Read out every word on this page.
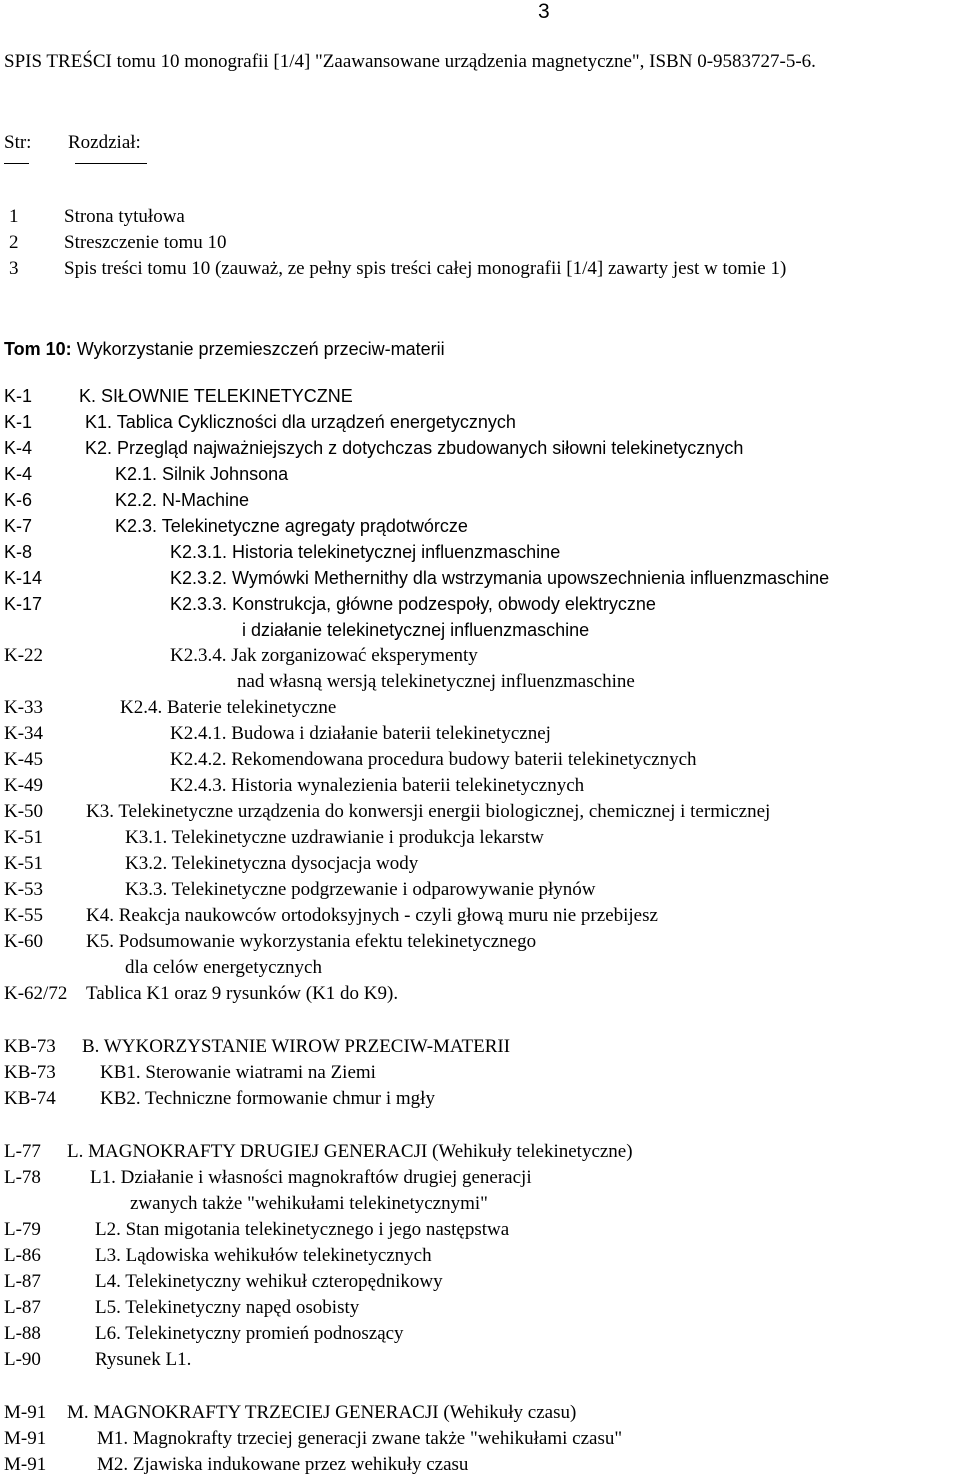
3
SPIS TREŚCI tomu 10 monografii [1/4] "Zaawansowane urządzenia magnetyczne", ISBN 0-9583727-5-6.
Str: Rozdział:
1 Strona tytułowa
2 Streszczenie tomu 10
3 Spis treści tomu 10 (zauważ, ze pełny spis treści całej monografii [1/4] zawarty jest w tomie 1)
Tom 10: Wykorzystanie przemieszczeń przeciw-materii
K-1	K. SIŁOWNIE TELEKINETYCZNE
K-1	K1. Tablica Cykliczności dla urządzeń energetycznych
K-4	K2. Przegląd najważniejszych z dotychczas zbudowanych siłowni telekinetycznych
K-4	K2.1. Silnik Johnsona
K-6	K2.2. N-Machine
K-7	K2.3. Telekinetyczne agregaty prądotwórcze
K-8	K2.3.1. Historia telekinetycznej influenzmaschine
K-14	K2.3.2. Wymówki Methernithy dla wstrzymania upowszechnienia influenzmaschine
K-17	K2.3.3. Konstrukcja, główne podzespoły, obwody elektryczne
i działanie telekinetycznej influenzmaschine
K-22	K2.3.4. Jak zorganizować eksperymenty
nad własną wersją telekinetycznej influenzmaschine
K-33	K2.4. Baterie telekinetyczne
K-34	K2.4.1. Budowa i działanie baterii telekinetycznej
K-45	K2.4.2. Rekomendowana procedura budowy baterii telekinetycznych
K-49	K2.4.3. Historia wynalezienia baterii telekinetycznych
K-50 K3. Telekinetyczne urządzenia do konwersji energii biologicznej, chemicznej i termicznej
K-51	K3.1. Telekinetyczne uzdrawianie i produkcja lekarstw
K-51	K3.2. Telekinetyczna dysocjacja wody
K-53	K3.3. Telekinetyczne podgrzewanie i odparowywanie płynów
K-55 K4. Reakcja naukowców ortodoksyjnych - czyli głową muru nie przebijesz
K-60 K5. Podsumowanie wykorzystania efektu telekinetycznego
dla celów energetycznych
K-62/72 Tablica K1 oraz 9 rysunków (K1 do K9).
KB-73 B. WYKORZYSTANIE WIROW PRZECIW-MATERII
KB-73 KB1. Sterowanie wiatrami na Ziemi
KB-74 KB2. Techniczne formowanie chmur i mgły
L-77 L. MAGNOKRAFTY DRUGIEJ GENERACJI (Wehikuły telekinetyczne)
L-78	L1. Działanie i własności magnokraftów drugiej generacji
zwanych także "wehikułami telekinetycznymi"
L-79	L2. Stan migotania telekinetycznego i jego następstwa
L-86	L3. Lądowiska wehikułów telekinetycznych
L-87	L4. Telekinetyczny wehikuł czteropędnikowy
L-87	L5. Telekinetyczny napęd osobisty
L-88	L6. Telekinetyczny promień podnoszący
L-90	Rysunek L1.
M-91 M. MAGNOKRAFTY TRZECIEJ GENERACJI (Wehikuły czasu)
M-91	M1. Magnokrafty trzeciej generacji zwane także "wehikułami czasu"
M-91	M2. Zjawiska indukowane przez wehikuły czasu
